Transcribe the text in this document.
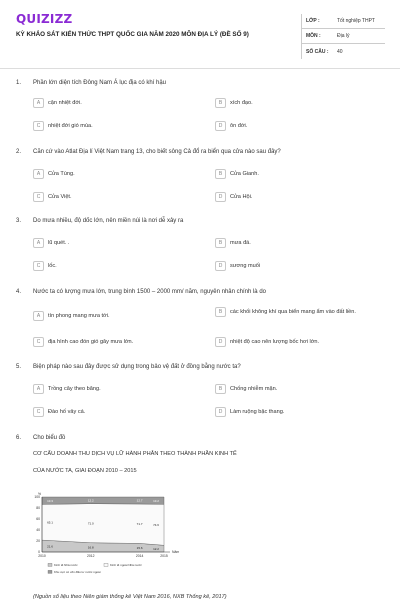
QUIZIZZ
KỲ KHẢO SÁT KIẾN THỨC THPT QUỐC GIA NĂM 2020 MÔN ĐỊA LÝ (ĐỀ SỐ 9)
LỚP :	Tốt nghiệp THPT
MÔN :	Địa lý
SỐ CÂU :	40
1. Phần lớn diện tích Đông Nam Á lục địa có khí hậu
A	cận nhiệt đới.	B	xích đạo.
C	nhiệt đới gió mùa.	D	ôn đới.
2. Căn cứ vào Atlat Địa lí Việt Nam trang 13, cho biết sông Cả đổ ra biển qua cửa nào sau đây?
A	Cửa Tùng.	B	Cửa Gianh.
C	Cửa Việt.	D	Cửa Hội.
3. Do mưa nhiều, độ dốc lớn, nên miền núi là nơi dễ xảy ra
A	lũ quét. .	B	mưa đá.
C	lốc.	D	sương muối
4. Nước ta có lượng mưa lớn, trung bình 1500 – 2000 mm/ năm, nguyên nhân chính là do
A	tín phong mang mưa tới.
B	các khối không khí qua biển mang ẩm vào đất liền.
C	địa hình cao đón gió gây mưa lớn.	D	nhiệt độ cao nên lượng bốc hơi lớn.
5. Biện pháp nào sau đây được sử dụng trong bảo vệ đất ở đồng bằng nước ta?
A	Trồng cây theo băng.	B	Chống nhiễm mặn.
C	Đào hố vảy cá.	D	Làm ruộng bậc thang.
6. Cho biểu đồ
CƠ CẤU DOANH THU DỊCH VỤ LỮ HÀNH PHÂN THEO THÀNH PHẦN KINH TẾ
CỦA NƯỚC TA, GIAI ĐOẠN 2010 – 2015
0
20
40
60
80
100
%
2010	2012	2014	2015
Năm
21.6
65.1
13.3
16.8
71.0
12.2
15.6
71.7
12.7
12.2
74.6
13.2
Kinh tế Nhà nước	Kinh tế ngoài Nhà nước
Khu vực có vốn đầu tư nước ngoài
(Nguồn số liệu theo Niên giám thống kê Việt Nam 2016, NXB Thống kê, 2017)
